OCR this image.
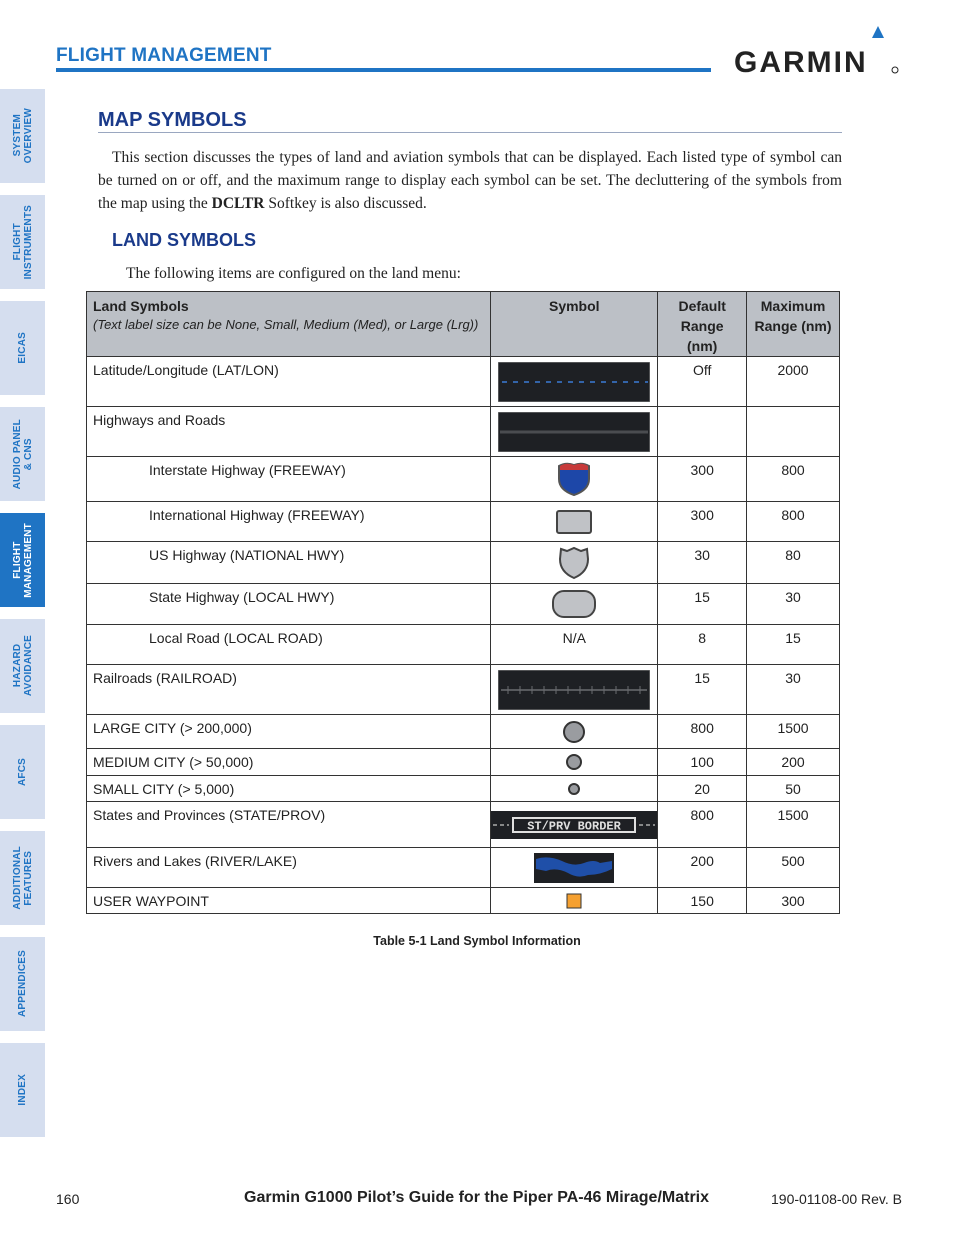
SYSTEM
OVERVIEW
FLIGHT
INSTRUMENTS
EICAS
AUDIO PANEL
& CNS
FLIGHT
MANAGEMENT
HAZARD
AVOIDANCE
AFCS
ADDITIONAL
FEATURES
APPENDICES
INDEX
FLIGHT MANAGEMENT	GARMIN
MAP SYMBOLS
This section discusses the types of land and aviation symbols that can be displayed. Each listed type of symbol can be turned on or off, and the maximum range to display each symbol can be set. The decluttering of the symbols from the map using the DCLTR Softkey is also discussed.
LAND SYMBOLS
The following items are configured on the land menu:
Land Symbols
(Text label size can be None, Small, Medium (Med), or Large (Lrg))	Symbol	Default Range (nm)	Maximum Range (nm)
Latitude/Longitude (LAT/LON)		Off	2000
Highways and Roads	

Interstate Highway (FREEWAY)		300	800
International Highway (FREEWAY)		300	800
US Highway (NATIONAL HWY)		30	80
State Highway (LOCAL HWY)		15	30
Local Road (LOCAL ROAD)	N/A	8	15
Railroads (RAILROAD)		15	30
LARGE CITY (> 200,000)		800	1500
MEDIUM CITY (> 50,000)		100	200
SMALL CITY (> 5,000)		20	50
States and Provinces (STATE/PROV)	ST/PRV BORDER	800	1500
Rivers and Lakes (RIVER/LAKE)		200	500
USER WAYPOINT		150	300
Table 5-1 Land Symbol Information
160	Garmin G1000 Pilot’s Guide for the Piper PA-46 Mirage/Matrix	190-01108-00 Rev. B
